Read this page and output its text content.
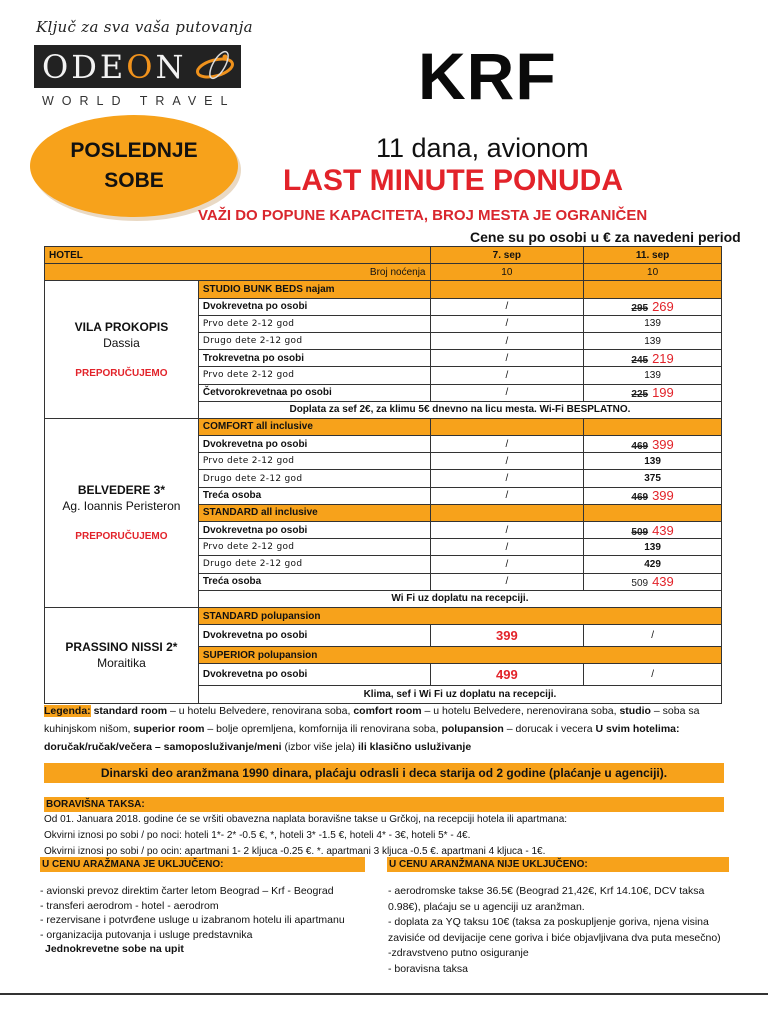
Ključ za sva vaša putovanja
ODEON
WORLD TRAVEL	KRF
POSLEDNJE
SOBE
11 dana, avionom
LAST MINUTE PONUDA
VAŽI DO POPUNE KAPACITETA, BROJ MESTA JE OGRANIČEN
Cene su po osobi u € za navedeni period
HOTEL		7. sep	11. sep
Broj noćenja		10	10

VILA PROKOPIS
Dassia
PREPORUČUJEMO	STUDIO BUNK BEDS najam		
	Dvokrevetna po osobi	/	295 269
	Prvo dete 2-12 god	/	139
	Drugo dete 2-12 god	/	139
	Trokrevetna po osobi	/	245 219
	Prvo dete 2-12 god	/	139
	Četvorokrevetnaa po osobi	/	225 199
	Doplata za sef 2€, za klimu 5€ dnevno na licu mesta. Wi-Fi BESPLATNO.		

BELVEDERE 3*
Ag. Ioannis Peristeron
PREPORUČUJEMO	COMFORT all inclusive		
	Dvokrevetna po osobi	/	469 399
	Prvo dete 2-12 god	/	139
	Drugo dete 2-12 god	/	375
	Treća osoba	/	469 399
	STANDARD all inclusive		
	Dvokrevetna po osobi	/	509 439
	Prvo dete 2-12 god	/	139
	Drugo dete 2-12 god	/	429
	Treća osoba	/	509 439
	Wi Fi uz doplatu na recepciji.		

PRASSINO NISSI 2*
Moraitika	STANDARD polupansion		
	Dvokrevetna po osobi	399	/
	SUPERIOR polupansion		
	Dvokrevetna po osobi	499	/
	Klima, sef i Wi Fi uz doplatu na recepciji.		
Legenda: standard room – u hotelu Belvedere, renovirana soba, comfort room – u hotelu Belvedere, nerenovirana soba, studio – soba sa kuhinjskom nišom, superior room – bolje opremljena, komfornija ili renovirana soba, polupansion – dorucak i vecera U svim hotelima: doručak/ručak/večera – samoposluživanje/meni (izbor više jela) ili klasično usluživanje
Dinarski deo aranžmana 1990 dinara, plaćaju odrasli i deca starija od 2 godine (plaćanje u agenciji).
BORAVIŠNA TAKSA:
Od 01. Januara 2018. godine će se vršiti obavezna naplata boravišne takse u Grčkoj, na recepciji hotela ili apartmana:
Okvirni iznosi po sobi / po noci: hoteli 1*- 2* -0.5 €, *, hoteli 3* -1.5 €, hoteli 4* - 3€, hoteli 5* - 4€.
Okvirni iznosi po sobi / po ocin: apartmani 1- 2 kljuca -0.25 €. *. apartmani 3 kljuca -0.5 €. apartmani 4 kljuca - 1€.
U CENU ARAŽMANA JE UKLJUČENO:	U CENU ARANŽMANA NIJE UKLJUČENO:
- avionski prevoz direktim čarter letom Beograd – Krf - Beograd
- transferi aerodrom - hotel - aerodrom
- rezervisane i potvrđene usluge u izabranom hotelu ili apartmanu
- organizacija putovanja i usluge predstavnika
Jednokrevetne sobe na upit
- aerodromske takse 36.5€ (Beograd 21,42€, Krf 14.10€, DCV taksa 0.98€), plaćaju se u agenciji uz aranžman.
- doplata za YQ taksu 10€ (taksa za poskupljenje goriva, njena visina zavisiće od devijacije cene goriva i biće objavljivana dva puta mesečno)
-zdravstveno putno osiguranje
- boravisna taksa
